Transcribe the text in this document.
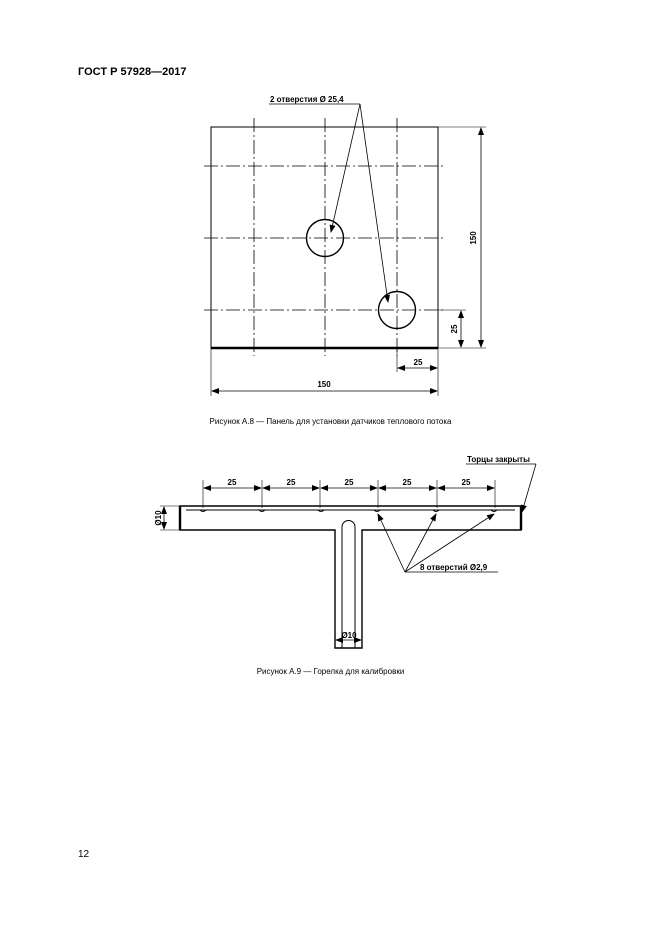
ГОСТ Р 57928—2017
2 отверстия Ø 25,4
150
25
25
150
25	25	25	25	25
Торцы закрыты
Ø10
Ø10
8 отверстий Ø2,9
Рисунок А.8 — Панель для установки датчиков теплового потока
Рисунок А.9 — Горелка для калибровки
12
